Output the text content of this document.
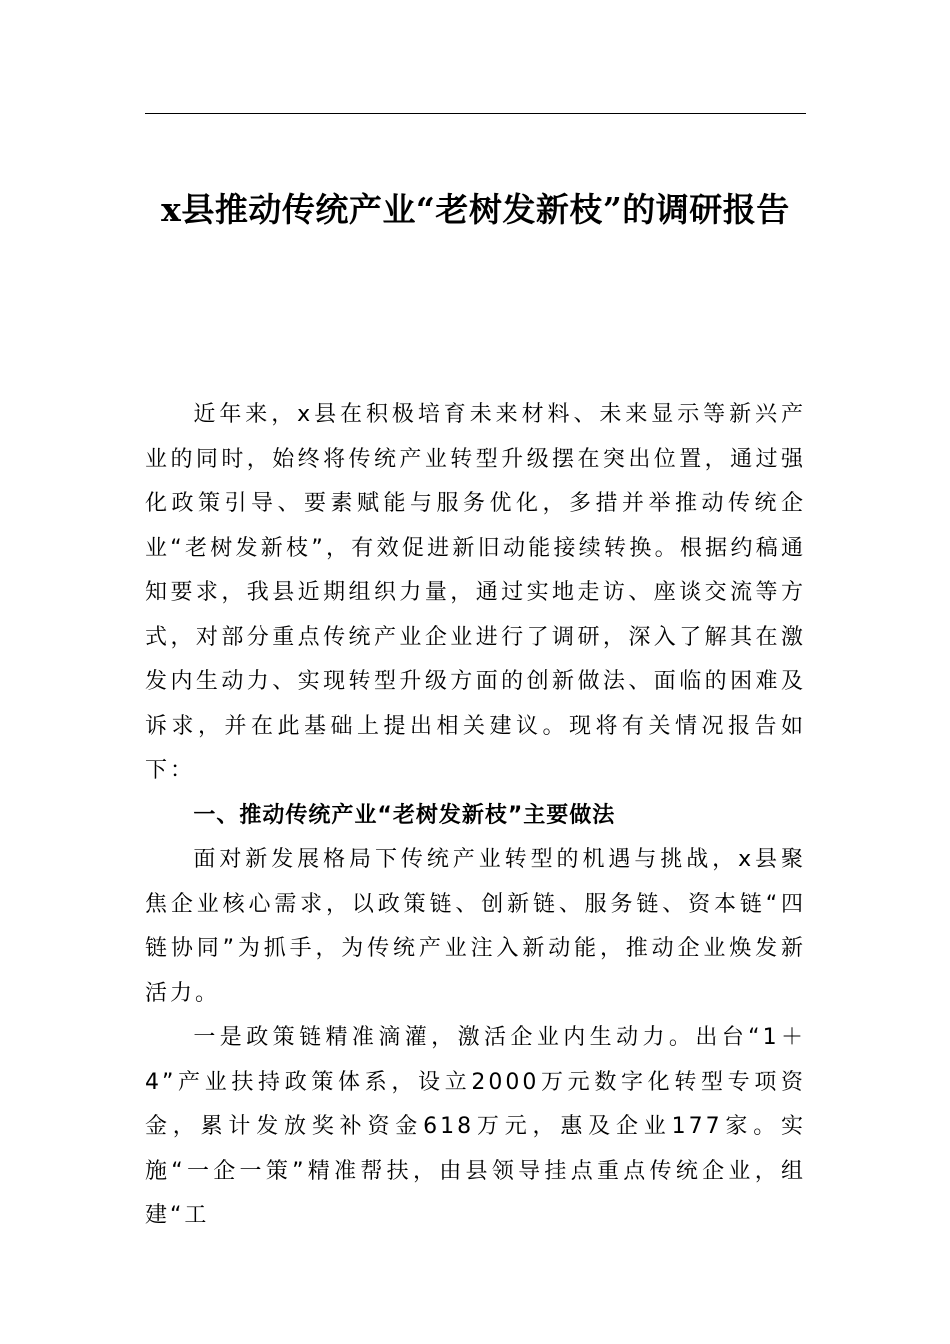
x县推动传统产业“老树发新枝”的调研报告

近年来，x县在积极培育未来材料、未来显示等新兴产业的同时，始终将传统产业转型升级摆在突出位置，通过强化政策引导、要素赋能与服务优化，多措并举推动传统企业“老树发新枝”，有效促进新旧动能接续转换。根据约稿通知要求，我县近期组织力量，通过实地走访、座谈交流等方式，对部分重点传统产业企业进行了调研，深入了解其在激发内生动力、实现转型升级方面的创新做法、面临的困难及诉求，并在此基础上提出相关建议。现将有关情况报告如下：

一、推动传统产业“老树发新枝”主要做法

面对新发展格局下传统产业转型的机遇与挑战，x县聚焦企业核心需求，以政策链、创新链、服务链、资本链“四链协同”为抓手，为传统产业注入新动能，推动企业焕发新活力。

一是政策链精准滴灌，激活企业内生动力。出台“1＋4”产业扶持政策体系，设立2000万元数字化转型专项资金，累计发放奖补资金618万元，惠及企业177家。实施“一企一策”精准帮扶，由县领导挂点重点传统企业，组建“工
